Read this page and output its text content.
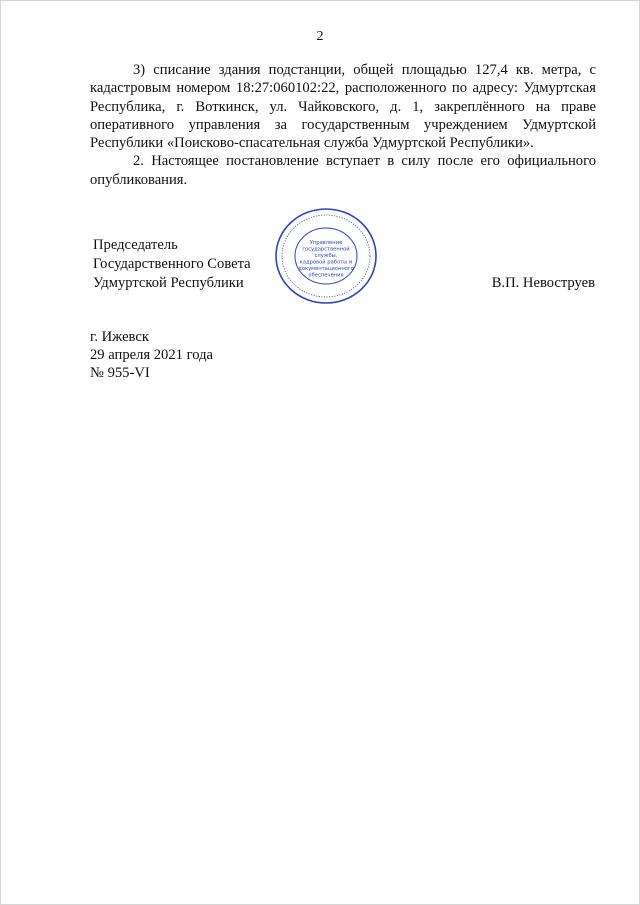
2

3) списание здания подстанции, общей площадью 127,4 кв. метра, с кадастровым номером 18:27:060102:22, расположенного по адресу: Удмуртская Республика, г. Воткинск, ул. Чайковского, д. 1, закреплённого на праве оперативного управления за государственным учреждением Удмуртской Республики «Поисково-спасательная служба Удмуртской Республики».

2. Настоящее постановление вступает в силу после его официального опубликования.

Председатель
Государственного Совета
Удмуртской Республики	В.П. Невоструев
Управление
государственной
службы,
кадровой работы и
документационного
обеспечения
г. Ижевск
29 апреля 2021 года
№ 955-VI
